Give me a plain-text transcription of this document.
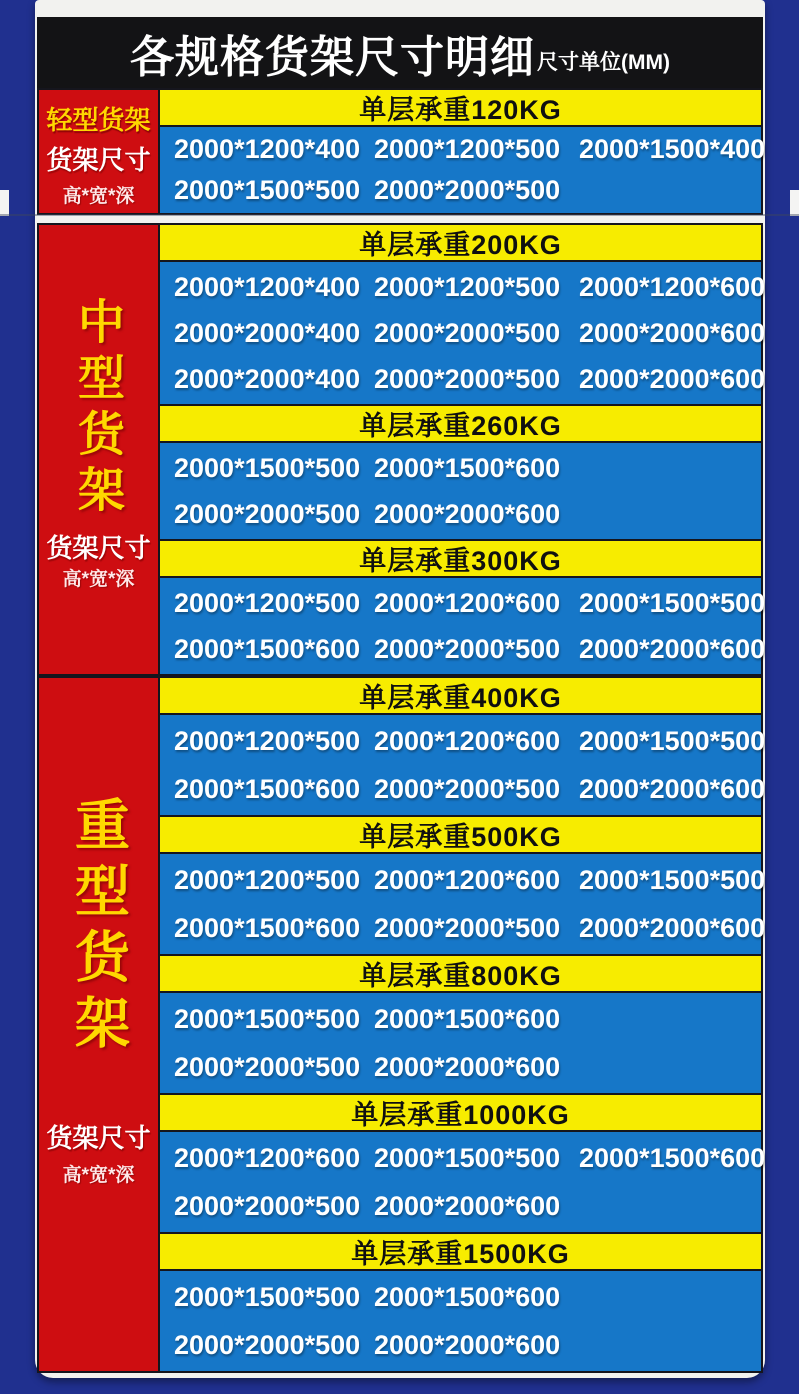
各规格货架尺寸明细 尺寸单位(MM)
轻型货架
货架尺寸
高*宽*深
单层承重120KG
2000*1200*400 2000*1200*500 2000*1500*400
2000*1500*500 2000*2000*500
中型货架
货架尺寸
高*宽*深
单层承重200KG
2000*1200*400 2000*1200*500 2000*1200*600
2000*2000*400 2000*2000*500 2000*2000*600
2000*2000*400 2000*2000*500 2000*2000*600
单层承重260KG
2000*1500*500 2000*1500*600
2000*2000*500 2000*2000*600
单层承重300KG
2000*1200*500 2000*1200*600 2000*1500*500
2000*1500*600 2000*2000*500 2000*2000*600
重型货架
货架尺寸
高*宽*深
单层承重400KG
2000*1200*500 2000*1200*600 2000*1500*500
2000*1500*600 2000*2000*500 2000*2000*600
单层承重500KG
2000*1200*500 2000*1200*600 2000*1500*500
2000*1500*600 2000*2000*500 2000*2000*600
单层承重800KG
2000*1500*500 2000*1500*600
2000*2000*500 2000*2000*600
单层承重1000KG
2000*1200*600 2000*1500*500 2000*1500*600
2000*2000*500 2000*2000*600
单层承重1500KG
2000*1500*500 2000*1500*600
2000*2000*500 2000*2000*600
